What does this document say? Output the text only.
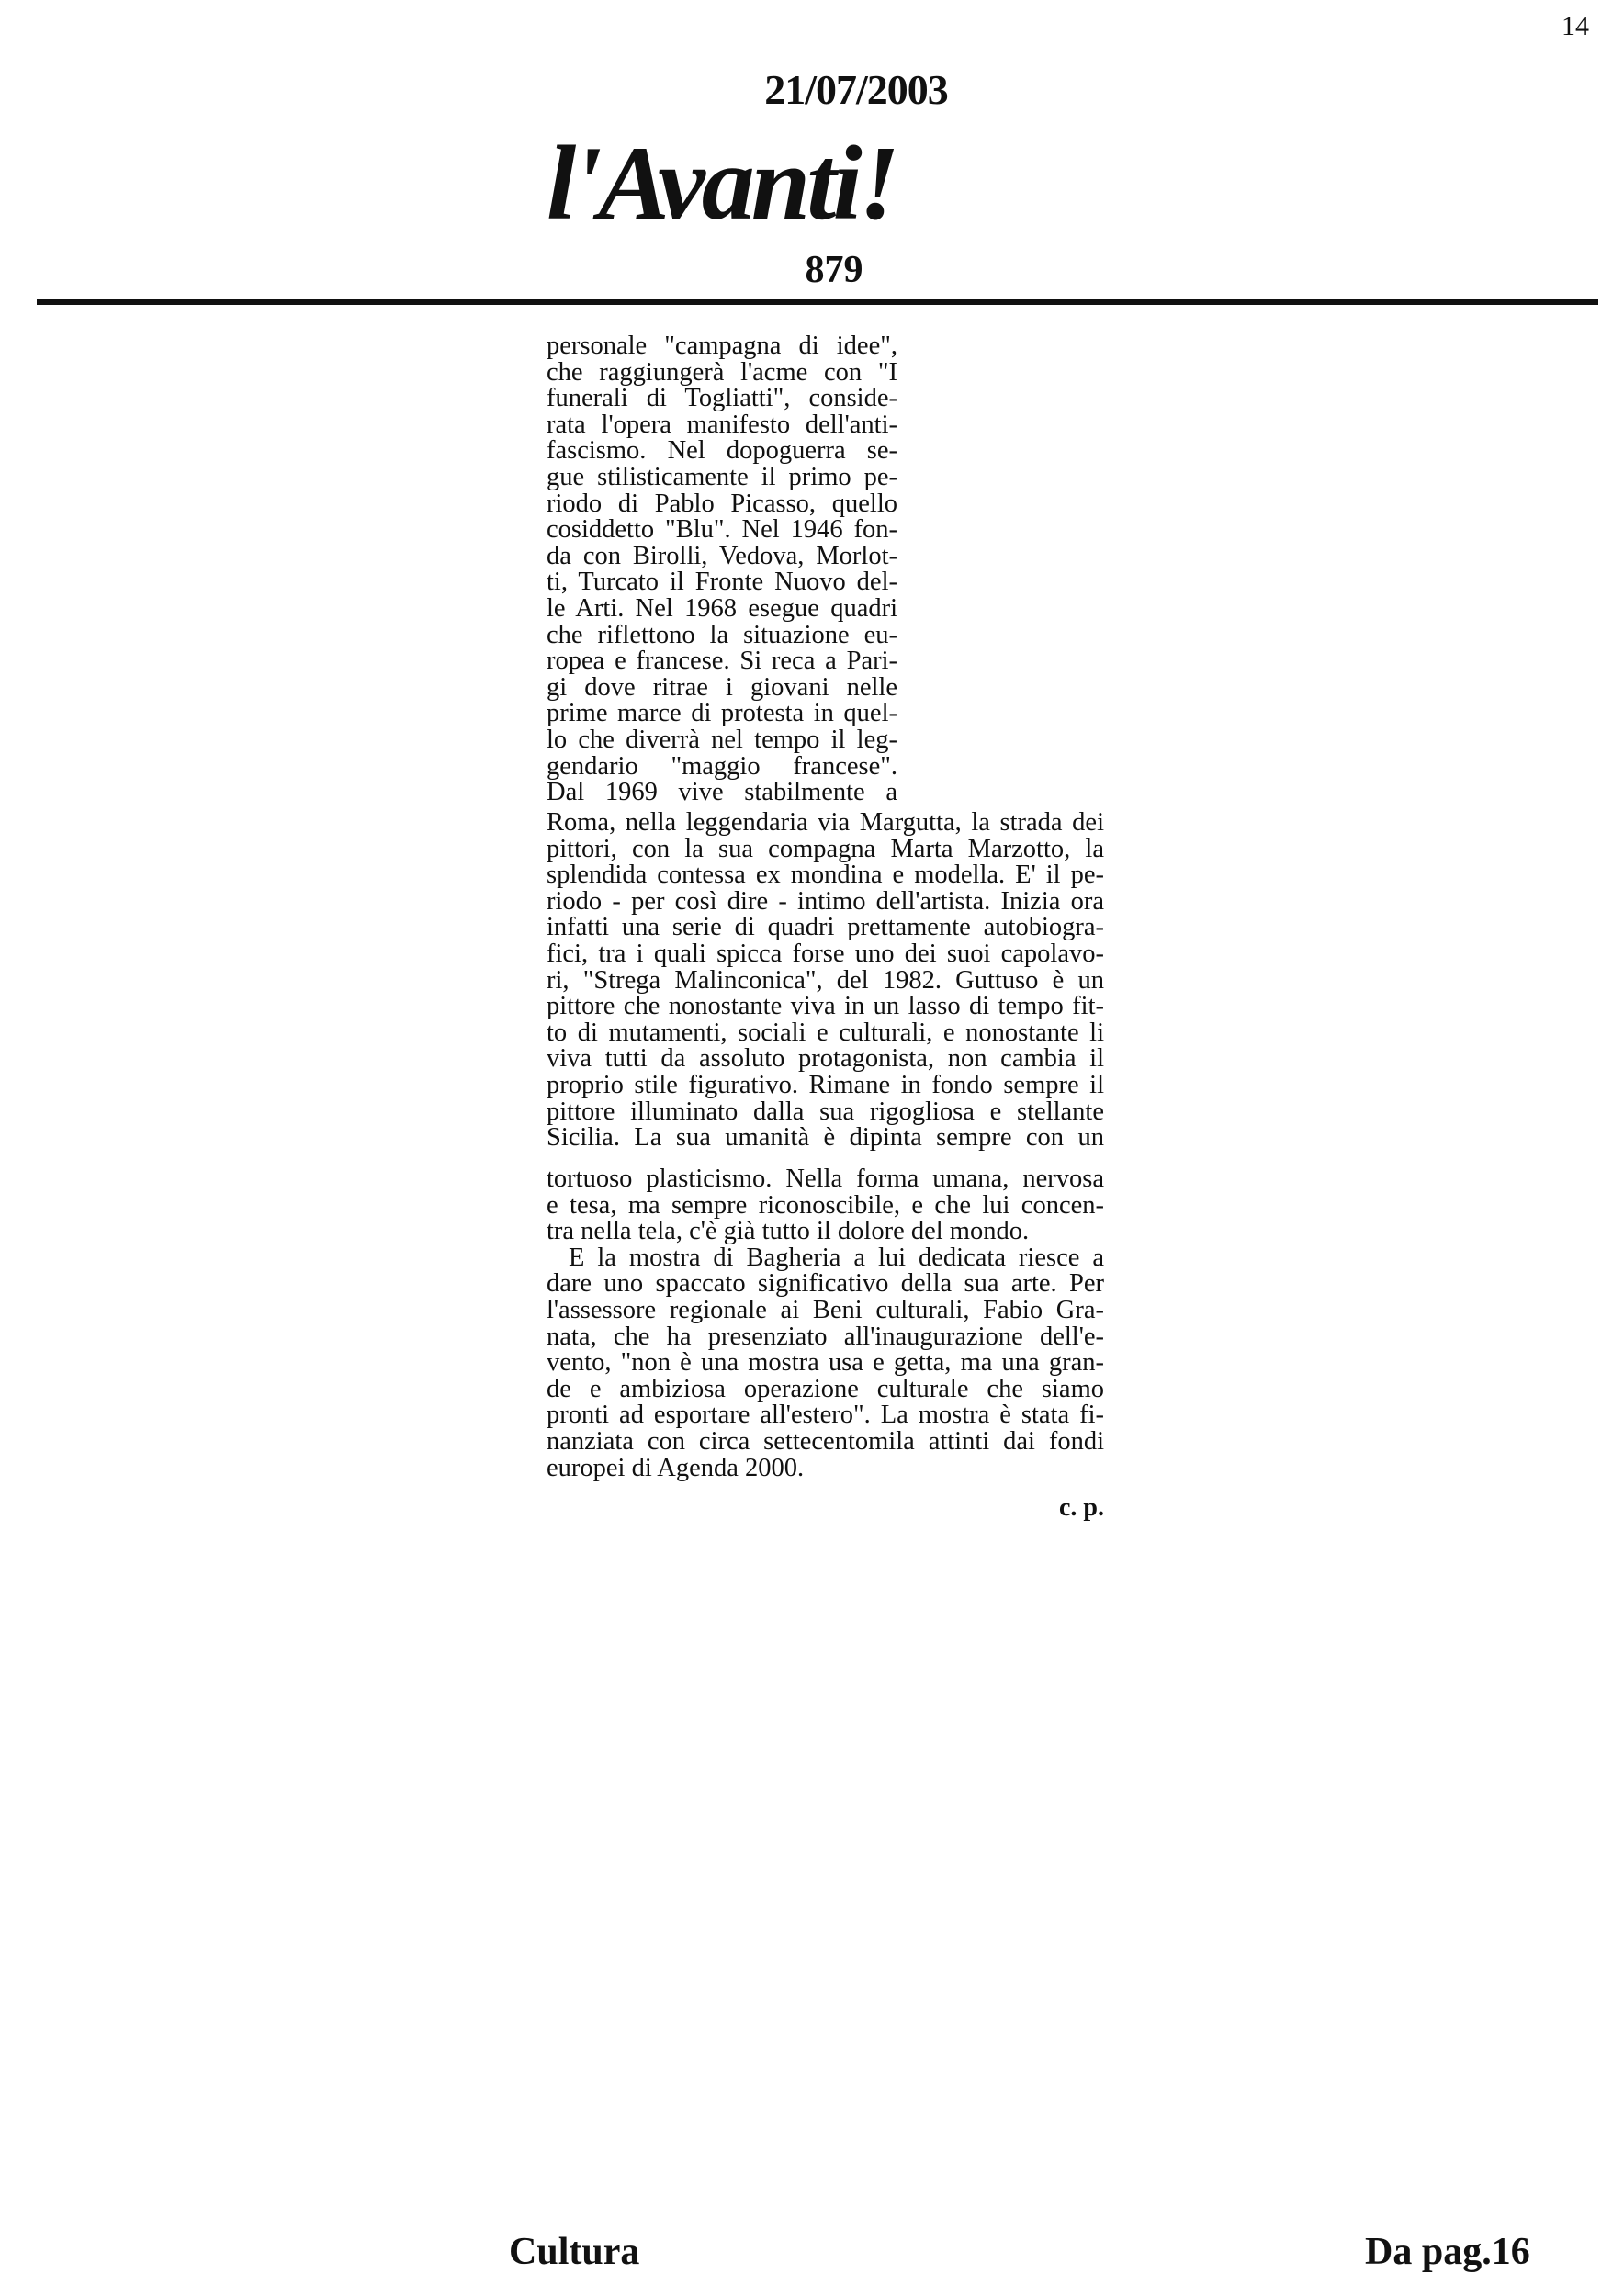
14
21/07/2003
l'Avanti!
879
personale "campagna di idee",
che raggiungerà l'acme con "I
funerali di Togliatti", conside-
rata l'opera manifesto dell'anti-
fascismo. Nel dopoguerra se-
gue stilisticamente il primo pe-
riodo di Pablo Picasso, quello
cosiddetto "Blu". Nel 1946 fon-
da con Birolli, Vedova, Morlot-
ti, Turcato il Fronte Nuovo del-
le Arti. Nel 1968 esegue quadri
che riflettono la situazione eu-
ropea e francese. Si reca a Pari-
gi dove ritrae i giovani nelle
prime marce di protesta in quel-
lo che diverrà nel tempo il leg-
gendario "maggio francese".
Dal 1969 vive stabilmente a
Roma, nella leggendaria via Margutta, la strada dei
pittori, con la sua compagna Marta Marzotto, la
splendida contessa ex mondina e modella. E' il pe-
riodo - per così dire - intimo dell'artista. Inizia ora
infatti una serie di quadri prettamente autobiogra-
fici, tra i quali spicca forse uno dei suoi capolavo-
ri, "Strega Malinconica", del 1982. Guttuso è un
pittore che nonostante viva in un lasso di tempo fit-
to di mutamenti, sociali e culturali, e nonostante li
viva tutti da assoluto protagonista, non cambia il
proprio stile figurativo. Rimane in fondo sempre il
pittore illuminato dalla sua rigogliosa e stellante
Sicilia. La sua umanità è dipinta sempre con un
tortuoso plasticismo. Nella forma umana, nervosa
e tesa, ma sempre riconoscibile, e che lui concen-
tra nella tela, c'è già tutto il dolore del mondo.
E la mostra di Bagheria a lui dedicata riesce a
dare uno spaccato significativo della sua arte. Per
l'assessore regionale ai Beni culturali, Fabio Gra-
nata, che ha presenziato all'inaugurazione dell'e-
vento, "non è una mostra usa e getta, ma una gran-
de e ambiziosa operazione culturale che siamo
pronti ad esportare all'estero". La mostra è stata fi-
nanziata con circa settecentomila attinti dai fondi
europei di Agenda 2000.
c. p.
Cultura	Da pag.16
